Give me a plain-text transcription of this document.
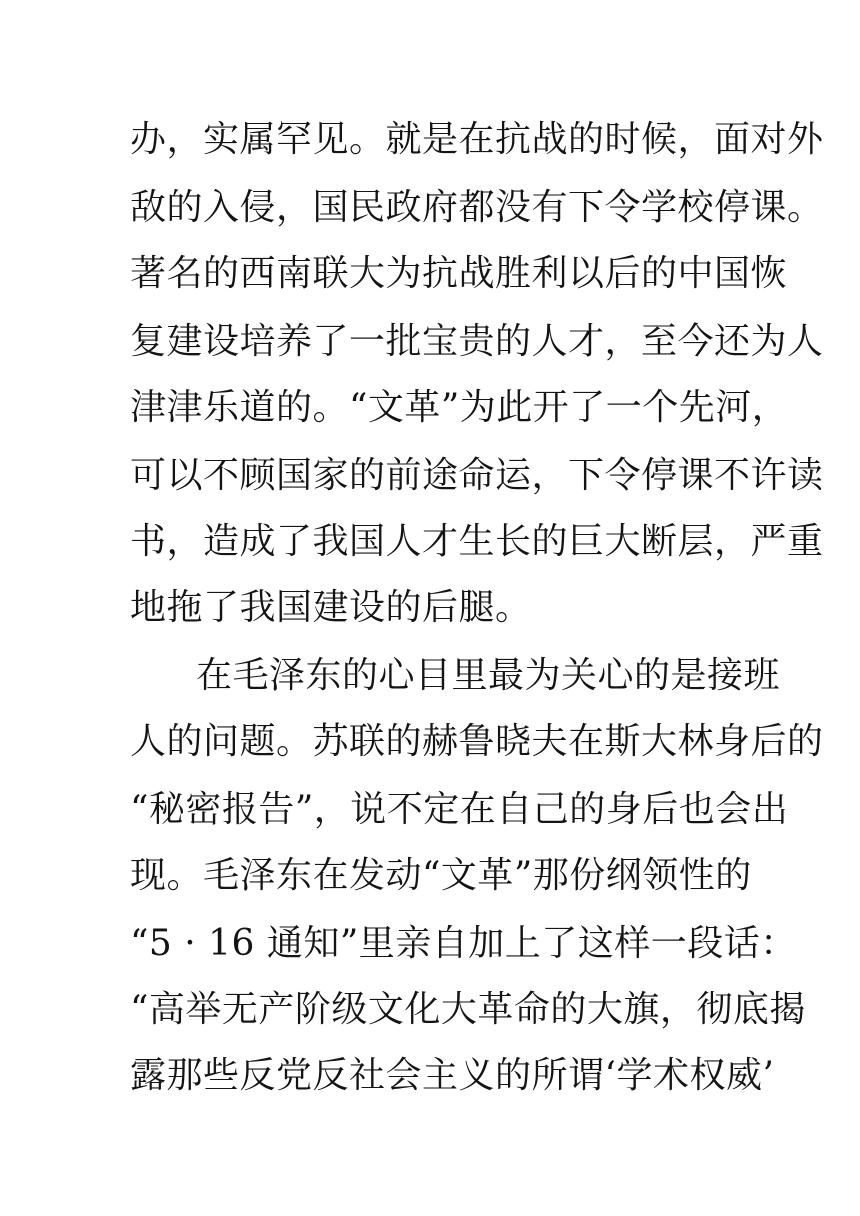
办，实属罕见。就是在抗战的时候，面对外
敌的入侵，国民政府都没有下令学校停课。
著名的西南联大为抗战胜利以后的中国恢
复建设培养了一批宝贵的人才，至今还为人
津津乐道的。“文革”为此开了一个先河，
可以不顾国家的前途命运，下令停课不许读
书，造成了我国人才生长的巨大断层，严重
地拖了我国建设的后腿。
在毛泽东的心目里最为关心的是接班
人的问题。苏联的赫鲁晓夫在斯大林身后的
“秘密报告”，说不定在自己的身后也会出
现。毛泽东在发动“文革”那份纲领性的
“5 · 16 通知”里亲自加上了这样一段话：
“高举无产阶级文化大革命的大旗，彻底揭
露那些反党反社会主义的所谓‘学术权威’
